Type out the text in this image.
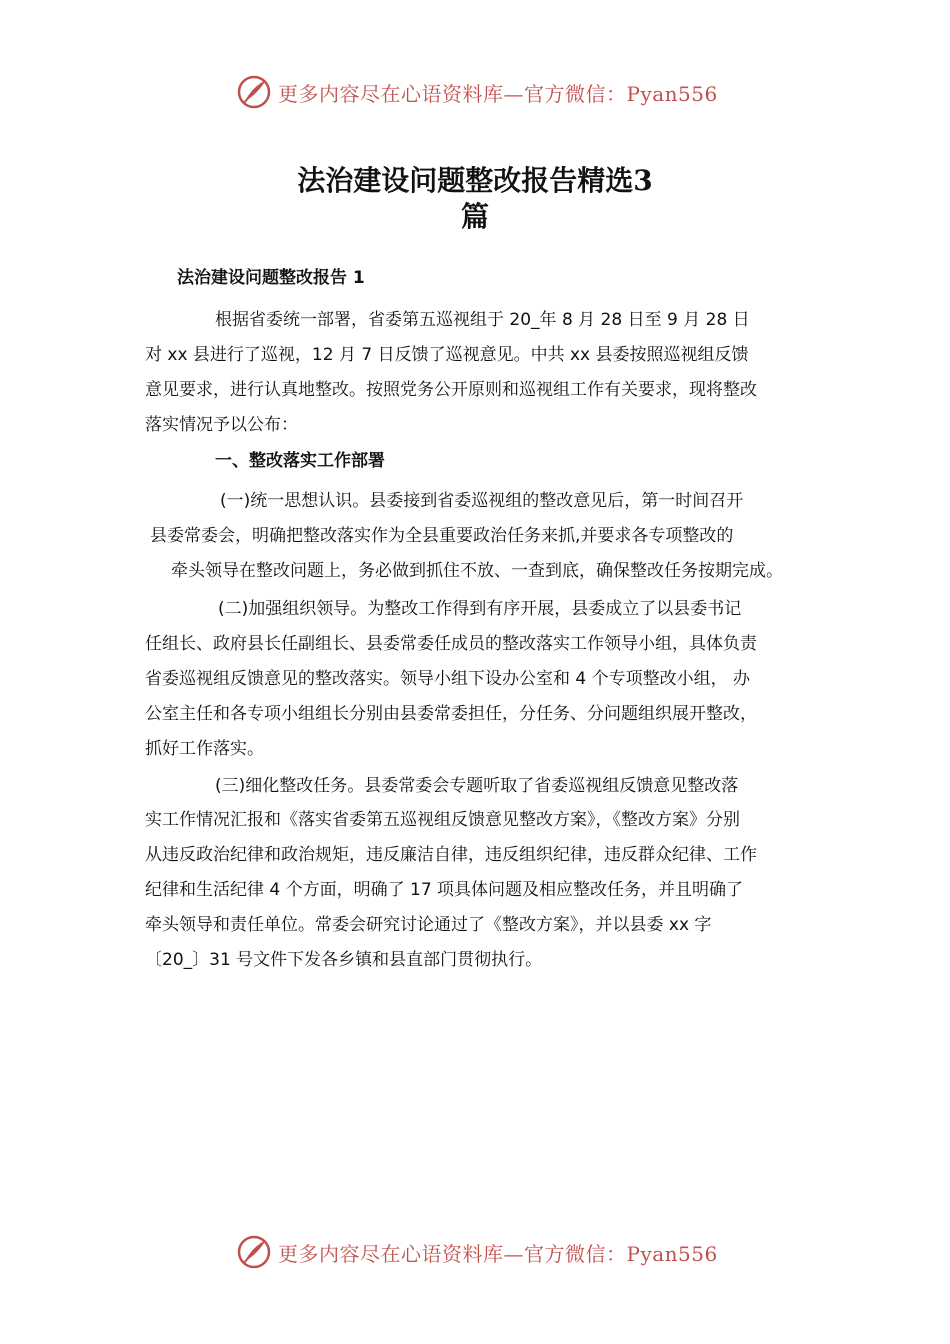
更多内容尽在心语资料库—官方微信：Pyan556
法治建设问题整改报告精选3
篇
法治建设问题整改报告 1
根据省委统一部署，省委第五巡视组于 20_年 8 月 28 日至 9 月 28 日
对 xx 县进行了巡视，12 月 7 日反馈了巡视意见。中共 xx 县委按照巡视组反馈
意见要求，进行认真地整改。按照党务公开原则和巡视组工作有关要求，现将整改
落实情况予以公布：
一、整改落实工作部署
(一)统一思想认识。县委接到省委巡视组的整改意见后，第一时间召开
县委常委会，明确把整改落实作为全县重要政治任务来抓,并要求各专项整改的
牵头领导在整改问题上，务必做到抓住不放、一查到底，确保整改任务按期完成。
(二)加强组织领导。为整改工作得到有序开展，县委成立了以县委书记
任组长、政府县长任副组长、县委常委任成员的整改落实工作领导小组，具体负责
省委巡视组反馈意见的整改落实。领导小组下设办公室和 4 个专项整改小组， 办
公室主任和各专项小组组长分别由县委常委担任，分任务、分问题组织展开整改，
抓好工作落实。
(三)细化整改任务。县委常委会专题听取了省委巡视组反馈意见整改落
实工作情况汇报和《落实省委第五巡视组反馈意见整改方案》，《整改方案》分别
从违反政治纪律和政治规矩，违反廉洁自律，违反组织纪律，违反群众纪律、工作
纪律和生活纪律 4 个方面，明确了 17 项具体问题及相应整改任务，并且明确了
牵头领导和责任单位。常委会研究讨论通过了《整改方案》，并以县委 xx 字
〔20_〕31 号文件下发各乡镇和县直部门贯彻执行。
更多内容尽在心语资料库—官方微信：Pyan556
